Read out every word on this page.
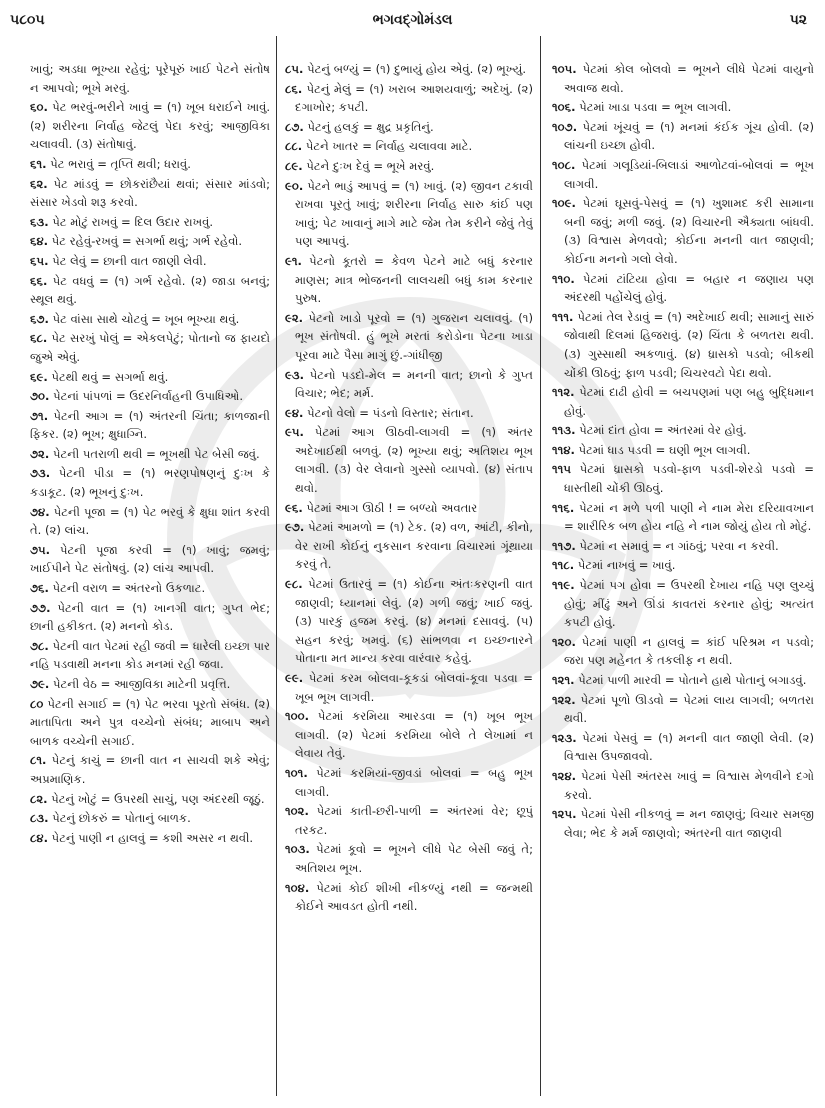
૫૮૦૫	ભગવદ્ગોમંડલ	પ૨
ખાવું; અડધા ભૂખ્યા રહેવું; પૂરેપૂરું ખાઈ પેટને સંતોષ ન આપવો; ભૂખે મરવું.
૬૦. પેટ ભરવું-ભરીને ખાવું = (૧) ખૂબ ધરાઈને ખાવું. (૨) શરીરના નિર્વાહ જેટલું પેદા કરવું; આજીવિકા ચલાવવી. (૩) સંતોષાવું.
૬૧. પેટ ભરાવું = તૃપ્તિ થવી; ધરાવું.
૬૨. પેટ માંડવું = છોકરાંછૈયાં થવાં; સંસાર માંડવો; સંસાર ખેડવો શરૂ કરવો.
૬૩. પેટ મોટું રાખવું = દિલ ઉદાર રાખવું.
૬૪. પેટ રહેવું-રખવું = સગર્ભા થવું; ગર્ભ રહેવો.
૬૫. પેટ લેવું = છાની વાત જાણી લેવી.
૬૬. પેટ વધવું = (૧) ગર્ભ રહેવો. (૨) જાડા બનવું; સ્થૂલ થવું.
૬૭. પેટ વાંસા સાથે ચોટવું = ખૂબ ભૂખ્યા થવું.
૬૮. પેટ સરખું પોલું = એકલપેટું; પોતાનો જ ફાયદો જુએ એવું.
૬૯. પેટથી થવું = સગર્ભા થવું.
૭૦. પેટનાં પાંપળાં = ઉદરનિર્વાહની ઉપાધિઓ.
૭૧. પેટની આગ = (૧) અંતરની ચિંતા; કાળજાની ફિકર. (૨) ભૂખ; ક્ષુધાગ્નિ.
૭૨. પેટની પતરાળી થવી = ભૂખથી પેટ બેસી જવું.
૭૩. પેટની પીડા = (૧) ભરણપોષણનું દુઃખ કે કડાકૂટ. (૨) ભૂખનું દુઃખ.
૭૪. પેટની પૂજા = (૧) પેટ ભરવું કે ક્ષુધા શાંત કરવી તે. (૨) લાંચ.
૭૫. પેટની પૂજા કરવી = (૧) ખાવું; જમવું; ખાઈપીને પેટ સંતોષવું. (૨) લાંચ આપવી.
૭૬. પેટની વરાળ = અંતરનો ઉકળાટ.
૭૭. પેટની વાત = (૧) ખાનગી વાત; ગુપ્ત ભેદ; છાની હકીકત. (૨) મનનો કોડ.
૭૮. પેટની વાત પેટમાં રહી જવી = ધારેલી ઇચ્છા પાર નહિ પડવાથી મનના કોડ મનમાં રહી જવા.
૭૯. પેટની વેઠ = આજીવિકા માટેની પ્રવૃત્તિ.
૮૦ પેટની સગાઈ = (૧) પેટ ભરવા પૂરતો સંબંધ. (૨) માતાપિતા અને પુત્ર વચ્ચેનો સંબંધ; માબાપ અને બાળક વચ્ચેની સગાઈ.
૮૧. પેટનું કાચું = છાની વાત ન સાચવી શકે એવું; અપ્રમાણિક.
૮૨. પેટનું ખોટું = ઉપરથી સાચું, પણ અંદરથી જૂઠું.
૮૩. પેટનું છોકરું = પોતાનું બાળક.
૮૪. પેટનું પાણી ન હાલવું = કશી અસર ન થવી.
૮૫. પેટનું બળ્યું = (૧) દુભાયું હોય એવું. (૨) ભૂખ્યું.
૮૬. પેટનું મેલું = (૧) ખરાબ આશયવાળું; અદેખું. (૨) દગાખોર; કપટી.
૮૭. પેટનું હલકું = ક્ષુદ્ર પ્રકૃતિનું.
૮૮. પેટને ખાતર = નિર્વાહ ચલાવવા માટે.
૮૯. પેટને દુઃખ દેવું = ભૂખે મરવું.
૯૦. પેટને ભાડું આપવું = (૧) ખાવું. (૨) જીવન ટકાવી રાખવા પૂરતું ખાવું; શરીરના નિર્વાહ સારુ કાંઈ પણ ખાવું; પેટ ખાવાનું માગે માટે જેમ તેમ કરીને જેવું તેવું પણ આપવું.
૯૧. પેટનો કૂતરો = કેવળ પેટને માટે બધું કરનાર માણસ; માત્ર ભોજનની લાલચથી બધું કામ કરનાર પુરુષ.
૯૨. પેટનો ખાડો પૂરવો = (૧) ગુજરાન ચલાવવું. (૧) ભૂખ સંતોષવી. હું ભૂખે મરતાં કરોડોના પેટના ખાડા પૂરવા માટે પૈસા માગું છું.-ગાંધીજી
૯૩. પેટનો પડદો-મેલ = મનની વાત; છાનો કે ગુપ્ત વિચાર; ભેદ; મર્મ.
૯૪. પેટનો વેલો = પંડનો વિસ્તાર; સંતાન.
૯૫. પેટમાં આગ ઊઠવી-લાગવી = (૧) અંતર અદેખાઈથી બળવું. (૨) ભૂખ્યા થવું; અતિશય ભૂખ લાગવી. (૩) વેર લેવાનો ગુસ્સો વ્યાપવો. (૪) સંતાપ થવો.
૯૬. પેટમાં આગ ઊઠી ! = બળ્યો અવતાર
૯૭. પેટમાં આમળો = (૧) ટેક. (૨) વળ, આંટી, કીનો, વેર રાખી કોઈનું નુકસાન કરવાના વિચારમાં ગૂંથાયા કરવું તે.
૯૮. પેટમાં ઉતારવું = (૧) કોઈના અંતઃકરણની વાત જાણવી; ધ્યાનમાં લેવું. (૨) ગળી જવું; ખાઈ જવું. (૩) પારકું હજમ કરવું. (૪) મનમાં દસાવવું. (૫) સહન કરવું; ખમવું. (૬) સાંભળવા ન ઇચ્છનારને પોતાના મત માન્ય કરવા વારંવાર કહેવું.
૯૯. પેટમાં કરમ બોલવા-કૂકડાં બોલવાં-કૂવા પડવા = ખૂબ ભૂખ લાગવી.
૧૦૦. પેટમાં કરમિયા આરડવા = (૧) ખૂબ ભૂખ લાગવી. (૨) પેટમાં કરમિયા બોલે તે લેખામાં ન લેવાય તેવું.
૧૦૧. પેટમાં કરમિયાં-જીવડાં બોલવાં = બહુ ભૂખ લાગવી.
૧૦૨. પેટમાં કાતી-છરી-પાળી = અંતરમાં વેર; છૂપું તરકટ.
૧૦૩. પેટમાં કૂવો = ભૂખને લીધે પેટ બેસી જવું તે; અતિશય ભૂખ.
૧૦૪. પેટમાં કોઈ શીખી નીકળ્યું નથી = જન્મથી કોઈને આવડત હોતી નથી.
૧૦૫. પેટમાં કોલ બોલવો = ભૂખને લીધે પેટમાં વાયુનો અવાજ થવો.
૧૦૬. પેટમાં ખાડા પડવા = ભૂખ લાગવી.
૧૦૭. પેટમાં ખૂંચવું = (૧) મનમાં કંઈક ગૂંચ હોવી. (૨) લાંચની ઇચ્છા હોવી.
૧૦૮. પેટમાં ગલૂડિયાં-બિલાડાં આળોટવાં-બોલવાં = ભૂખ લાગવી.
૧૦૯. પેટમાં ઘૂસવું-પેસવું = (૧) ખુશામદ કરી સામાના બની જવું; મળી જવું. (૨) વિચારની ઐક્યતા બાંધવી. (૩) વિશ્વાસ મેળવવો; કોઈના મનની વાત જાણવી; કોઈના મનનો ગલો લેવો.
૧૧૦. પેટમાં ટાંટિયા હોવા = બહાર ન જણાય પણ અંદરથી પહોંચેલું હોવું.
૧૧૧. પેટમાં તેલ રેડાવું = (૧) અદેખાઈ થવી; સામાનું સારું જોવાથી દિલમાં હિજરાવું. (૨) ચિંતા કે બળતરા થવી. (૩) ગુસ્સાથી અકળાવું. (૪) ધ્રાસકો પડવો; બીકથી ચોંકી ઊઠવું; ફાળ પડવી; ચિચરવટો પેદા થવો.
૧૧૨. પેટમાં દાઢી હોવી = બચપણમાં પણ બહુ બુદ્ધિમાન હોવું.
૧૧૩. પેટમાં દાંત હોવા = અંતરમાં વેર હોવું.
૧૧૪. પેટમાં ધાડ પડવી = ઘણી ભૂખ લાગવી.
૧૧૫ પેટમાં ધ્રાસકો પડવો-ફાળ પડવી-શેરડો પડવો = ધાસ્તીથી ચોંકી ઊઠવું.
૧૧૬. પેટમાં ન મળે પળી પાણી ને નામ મેરા દરિયાવખાન = શારીરિક બળ હોય નહિ ને નામ જોયું હોય તો મોટું.
૧૧૭. પેટમાં ન સમાવું = ન ગાંઠવું; પરવા ન કરવી.
૧૧૮. પેટમાં નાખવું = ખાવું.
૧૧૯. પેટમાં પગ હોવા = ઉપરથી દેખાય નહિ પણ લુચ્ચું હોવું; મીંઢું અને ઊંડાં કાવતરાં કરનાર હોવું; અત્યંત કપટી હોવું.
૧૨૦. પેટમાં પાણી ન હાલવું = કાંઈ પરિશ્રમ ન પડવો; જરા પણ મહેનત કે તકલીફ ન થવી.
૧૨૧. પેટમાં પાળી મારવી = પોતાને હાથે પોતાનું બગાડવું.
૧૨૨. પેટમાં પૂળો ઊડવો = પેટમાં લાય લાગવી; બળતરા થવી.
૧૨૩. પેટમાં પેસવું = (૧) મનની વાત જાણી લેવી. (૨) વિશ્વાસ ઉપજાવવો.
૧૨૪. પેટમાં પેસી અંતરસ ખાવું = વિશ્વાસ મેળવીને દગો કરવો.
૧૨૫. પેટમાં પેસી નીકળવું = મન જાણવું; વિચાર સમજી લેવા; ભેદ કે મર્મ જાણવો; અંતરની વાત જાણવી
